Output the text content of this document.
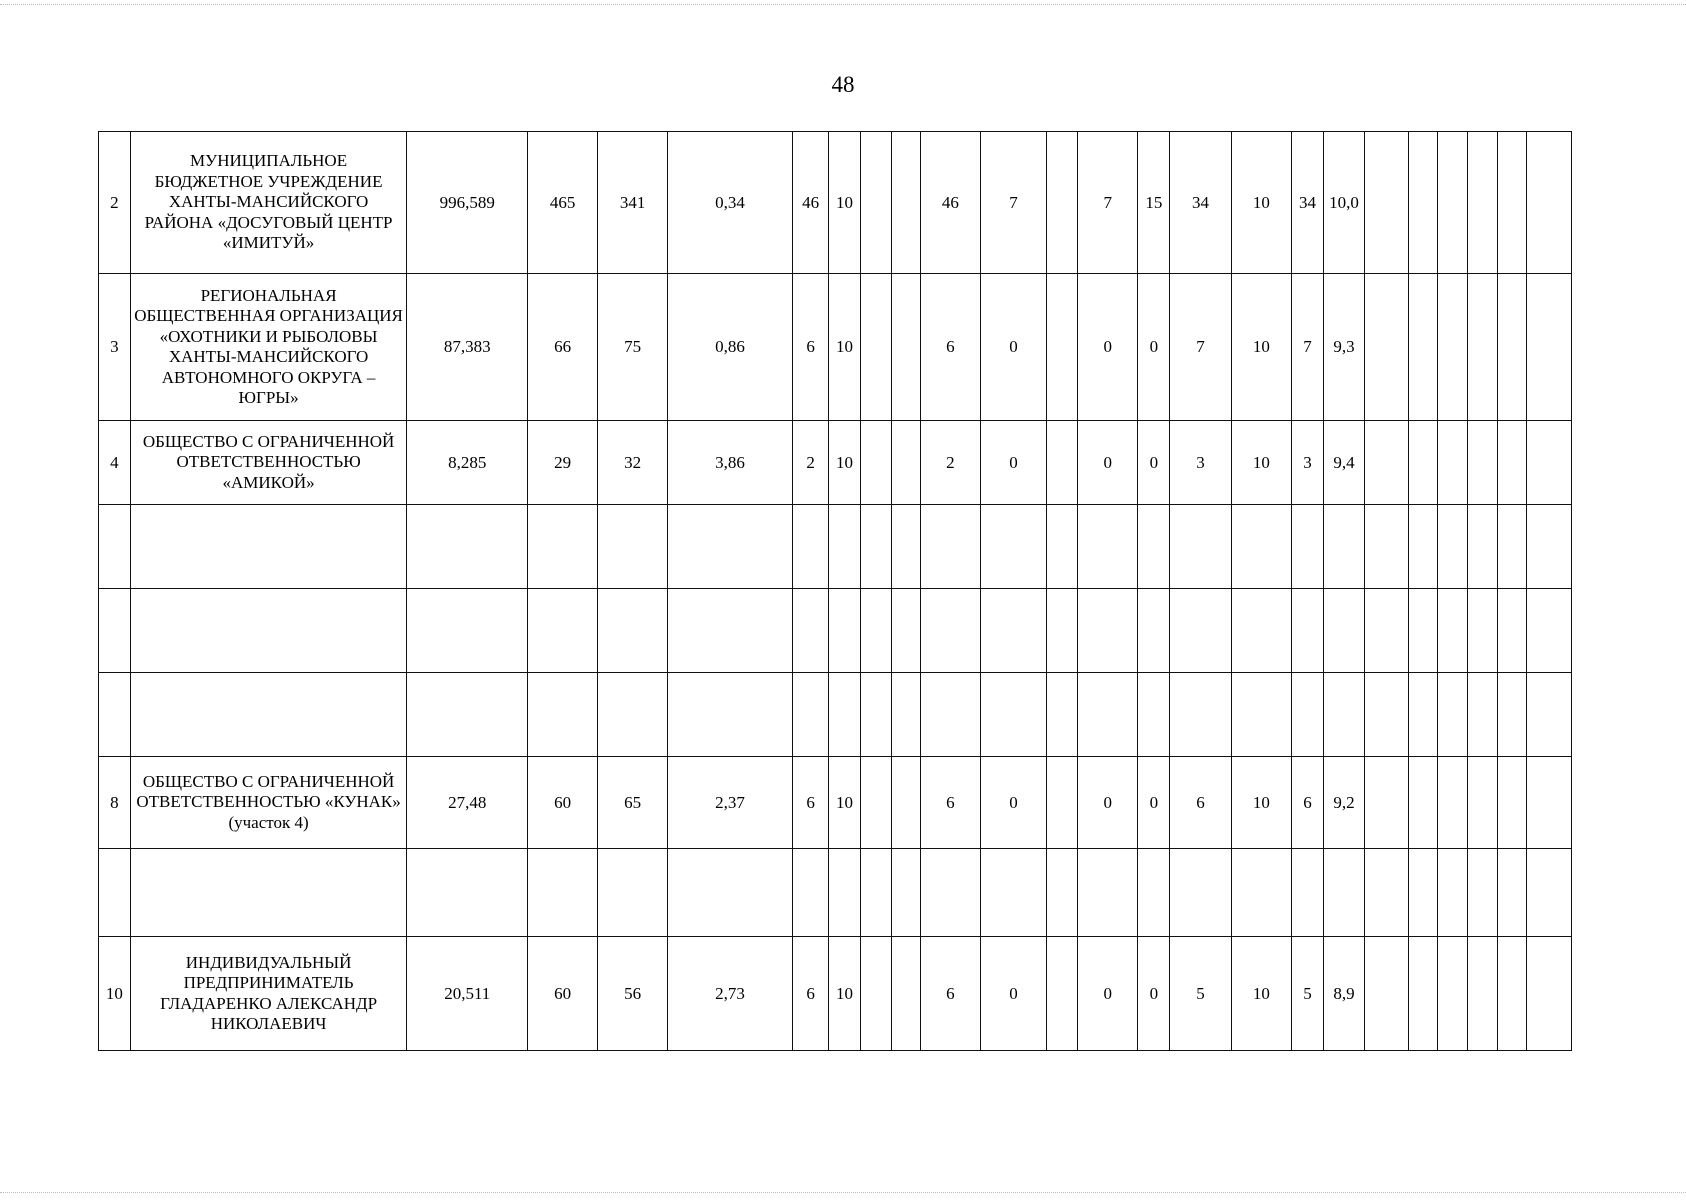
48
2	МУНИЦИПАЛЬНОЕ БЮДЖЕТНОЕ УЧРЕЖДЕНИЕ ХАНТЫ-МАНСИЙСКОГО РАЙОНА «ДОСУГОВЫЙ ЦЕНТР «ИМИТУЙ»	996,589	465	341	0,34	46	10			46	7		7	15	34	10	34	10,0						
3	РЕГИОНАЛЬНАЯ ОБЩЕСТВЕННАЯ ОРГАНИЗАЦИЯ «ОХОТНИКИ И РЫБОЛОВЫ ХАНТЫ-МАНСИЙСКОГО АВТОНОМНОГО ОКРУГА – ЮГРЫ»	87,383	66	75	0,86	6	10			6	0		0	0	7	10	7	9,3						
4	ОБЩЕСТВО С ОГРАНИЧЕННОЙ ОТВЕТСТВЕННОСТЬЮ «АМИКОЙ»	8,285	29	32	3,86	2	10			2	0		0	0	3	10	3	9,4						

8	ОБЩЕСТВО С ОГРАНИЧЕННОЙ ОТВЕТСТВЕННОСТЬЮ «КУНАК» (участок 4)	27,48	60	65	2,37	6	10			6	0		0	0	6	10	6	9,2						

10	ИНДИВИДУАЛЬНЫЙ ПРЕДПРИНИМАТЕЛЬ ГЛАДАРЕНКО АЛЕКСАНДР НИКОЛАЕВИЧ	20,511	60	56	2,73	6	10			6	0		0	0	5	10	5	8,9						
